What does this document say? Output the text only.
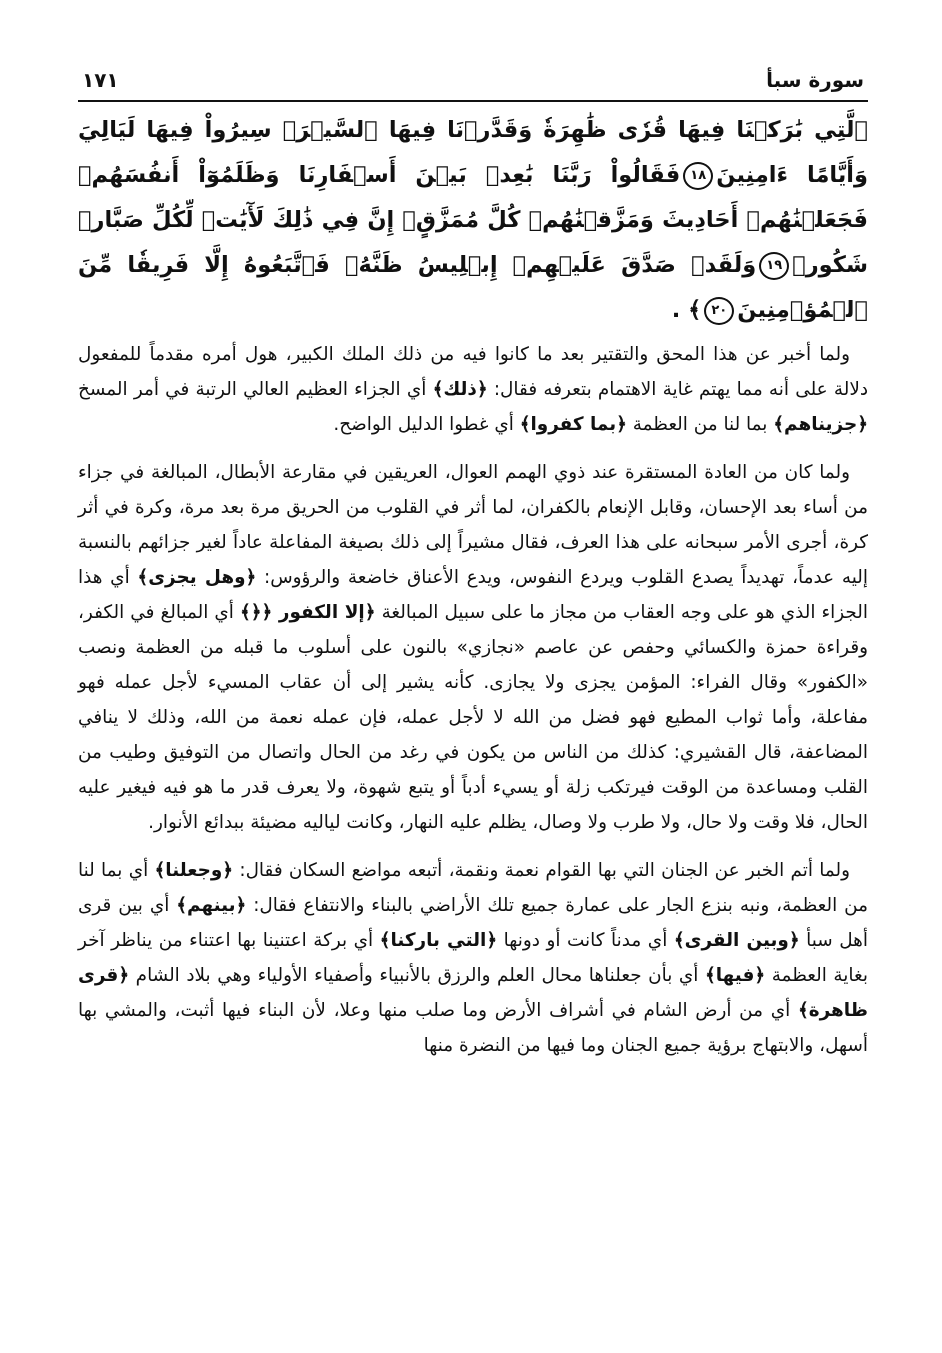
سورة سبأ
١٧١
ٱلَّتِي بَٰرَكۡنَا فِيهَا قُرٗى ظَٰهِرَةٗ وَقَدَّرۡنَا فِيهَا ٱلسَّيۡرَۖ سِيرُواْ فِيهَا لَيَالِيَ وَأَيَّامًا ءَامِنِينَ١٨فَقَالُواْ رَبَّنَا بَٰعِدۡ بَيۡنَ أَسۡفَارِنَا وَظَلَمُوٓاْ أَنفُسَهُمۡ فَجَعَلۡنَٰهُمۡ أَحَادِيثَ وَمَزَّقۡنَٰهُمۡ كُلَّ مُمَزَّقٍۚ إِنَّ فِي ذَٰلِكَ لَأٓيَٰتٖ لِّكُلِّ صَبَّارٖ شَكُورٖ١٩وَلَقَدۡ صَدَّقَ عَلَيۡهِمۡ إِبۡلِيسُ ظَنَّهُۥ فَٱتَّبَعُوهُ إِلَّا فَرِيقٗا مِّنَ ٱلۡمُؤۡمِنِينَ٢٠﴾ .

ولما أخبر عن هذا المحق والتقتير بعد ما كانوا فيه من ذلك الملك الكبير، هول أمره مقدماً للمفعول دلالة على أنه مما يهتم غاية الاهتمام بتعرفه فقال: ﴿ذلك﴾ أي الجزاء العظيم العالي الرتبة في أمر المسخ ﴿جزيناهم﴾ بما لنا من العظمة ﴿بما كفروا﴾ أي غطوا الدليل الواضح.

ولما كان من العادة المستقرة عند ذوي الهمم العوال، العريقين في مقارعة الأبطال، المبالغة في جزاء من أساء بعد الإحسان، وقابل الإنعام بالكفران، لما أثر في القلوب من الحريق مرة بعد مرة، وكرة في أثر كرة، أجرى الأمر سبحانه على هذا العرف، فقال مشيراً إلى ذلك بصيغة المفاعلة عاداً لغير جزائهم بالنسبة إليه عدماً، تهديداً يصدع القلوب ويردع النفوس، ويدع الأعناق خاضعة والرؤوس: ﴿وهل يجزى﴾ أي هذا الجزاء الذي هو على وجه العقاب من مجاز ما على سبيل المبالغة ﴿إلا الكفور ﴿﴿﴾ أي المبالغ في الكفر، وقراءة حمزة والكسائي وحفص عن عاصم «نجازي» بالنون على أسلوب ما قبله من العظمة ونصب «الكفور» وقال الفراء: المؤمن يجزى ولا يجازى. كأنه يشير إلى أن عقاب المسيء لأجل عمله فهو مفاعلة، وأما ثواب المطيع فهو فضل من الله لا لأجل عمله، فإن عمله نعمة من الله، وذلك لا ينافي المضاعفة، قال القشيري: كذلك من الناس من يكون في رغد من الحال واتصال من التوفيق وطيب من القلب ومساعدة من الوقت فيرتكب زلة أو يسيء أدباً أو يتبع شهوة، ولا يعرف قدر ما هو فيه فيغير عليه الحال، فلا وقت ولا حال، ولا طرب ولا وصال، يظلم عليه النهار، وكانت لياليه مضيئة ببدائع الأنوار.

ولما أتم الخبر عن الجنان التي بها القوام نعمة ونقمة، أتبعه مواضع السكان فقال: ﴿وجعلنا﴾ أي بما لنا من العظمة، ونبه بنزع الجار على عمارة جميع تلك الأراضي بالبناء والانتفاع فقال: ﴿بينهم﴾ أي بين قرى أهل سبأ ﴿وبين القرى﴾ أي مدناً كانت أو دونها ﴿التي باركنا﴾ أي بركة اعتنينا بها اعتناء من يناظر آخر بغاية العظمة ﴿فيها﴾ أي بأن جعلناها محال العلم والرزق بالأنبياء وأصفياء الأولياء وهي بلاد الشام ﴿قرى ظاهرة﴾ أي من أرض الشام في أشراف الأرض وما صلب منها وعلا، لأن البناء فيها أثبت، والمشي بها أسهل، والابتهاج برؤية جميع الجنان وما فيها من النضرة منها
